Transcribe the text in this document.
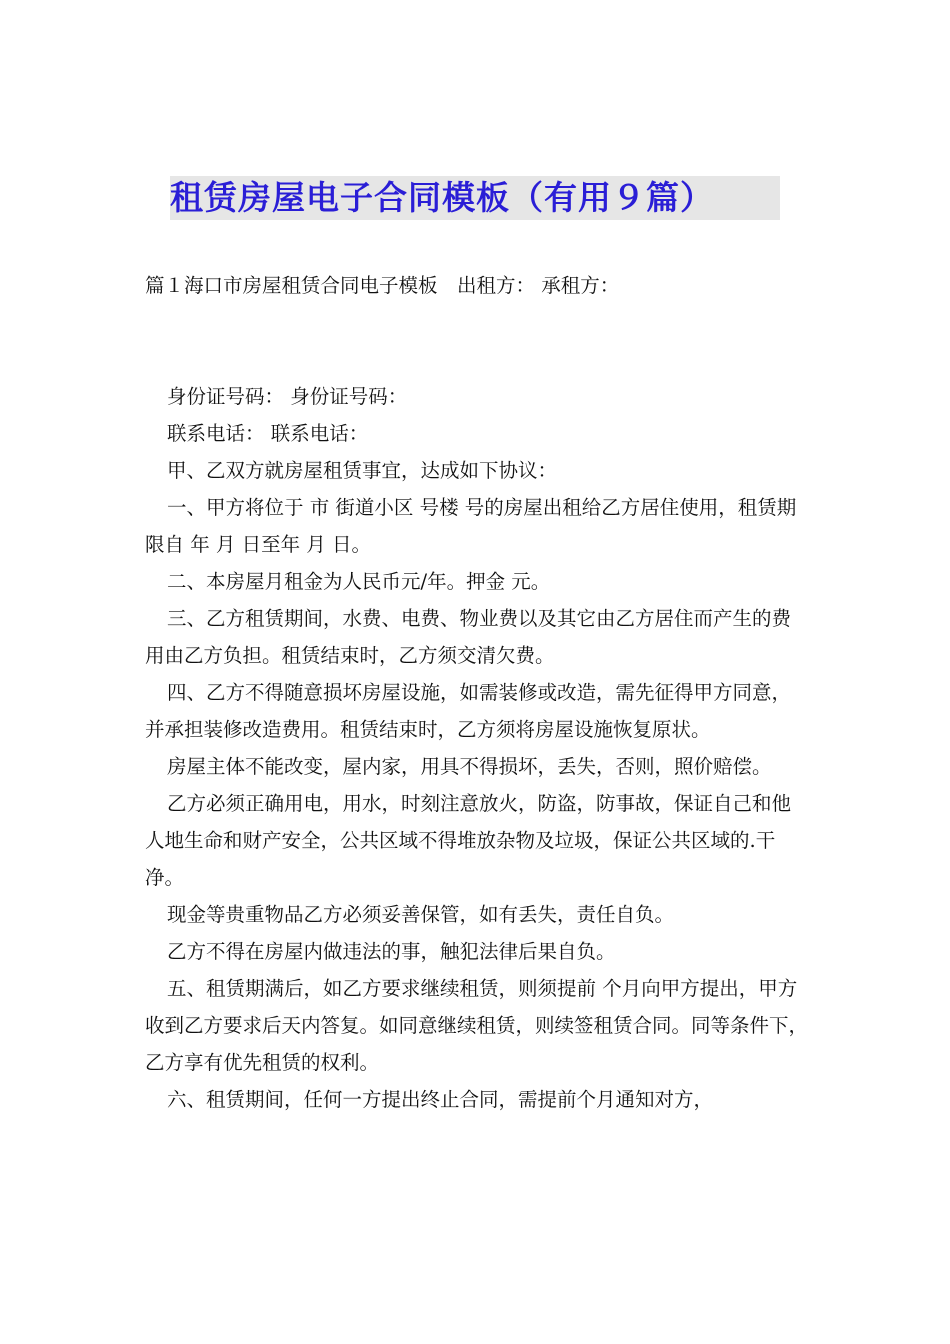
租赁房屋电子合同模板（有用９篇）
篇１海口市房屋租赁合同电子模板　出租方： 承租方：

身份证号码： 身份证号码：

联系电话： 联系电话：

甲、乙双方就房屋租赁事宜，达成如下协议：

一、甲方将位于 市 街道小区 号楼 号的房屋出租给乙方居住使用，租赁期限自 年 月 日至年 月 日。

二、本房屋月租金为人民币元/年。押金 元。

三、乙方租赁期间，水费、电费、物业费以及其它由乙方居住而产生的费用由乙方负担。租赁结束时，乙方须交清欠费。

四、乙方不得随意损坏房屋设施，如需装修或改造，需先征得甲方同意，并承担装修改造费用。租赁结束时，乙方须将房屋设施恢复原状。

房屋主体不能改变，屋内家，用具不得损坏，丢失，否则，照价赔偿。

乙方必须正确用电，用水，时刻注意放火，防盗，防事故，保证自己和他人地生命和财产安全，公共区域不得堆放杂物及垃圾，保证公共区域的.干净。

现金等贵重物品乙方必须妥善保管，如有丢失，责任自负。

乙方不得在房屋内做违法的事，触犯法律后果自负。

五、租赁期满后，如乙方要求继续租赁，则须提前 个月向甲方提出，甲方收到乙方要求后天内答复。如同意继续租赁，则续签租赁合同。同等条件下，乙方享有优先租赁的权利。

六、租赁期间，任何一方提出终止合同，需提前个月通知对方，
